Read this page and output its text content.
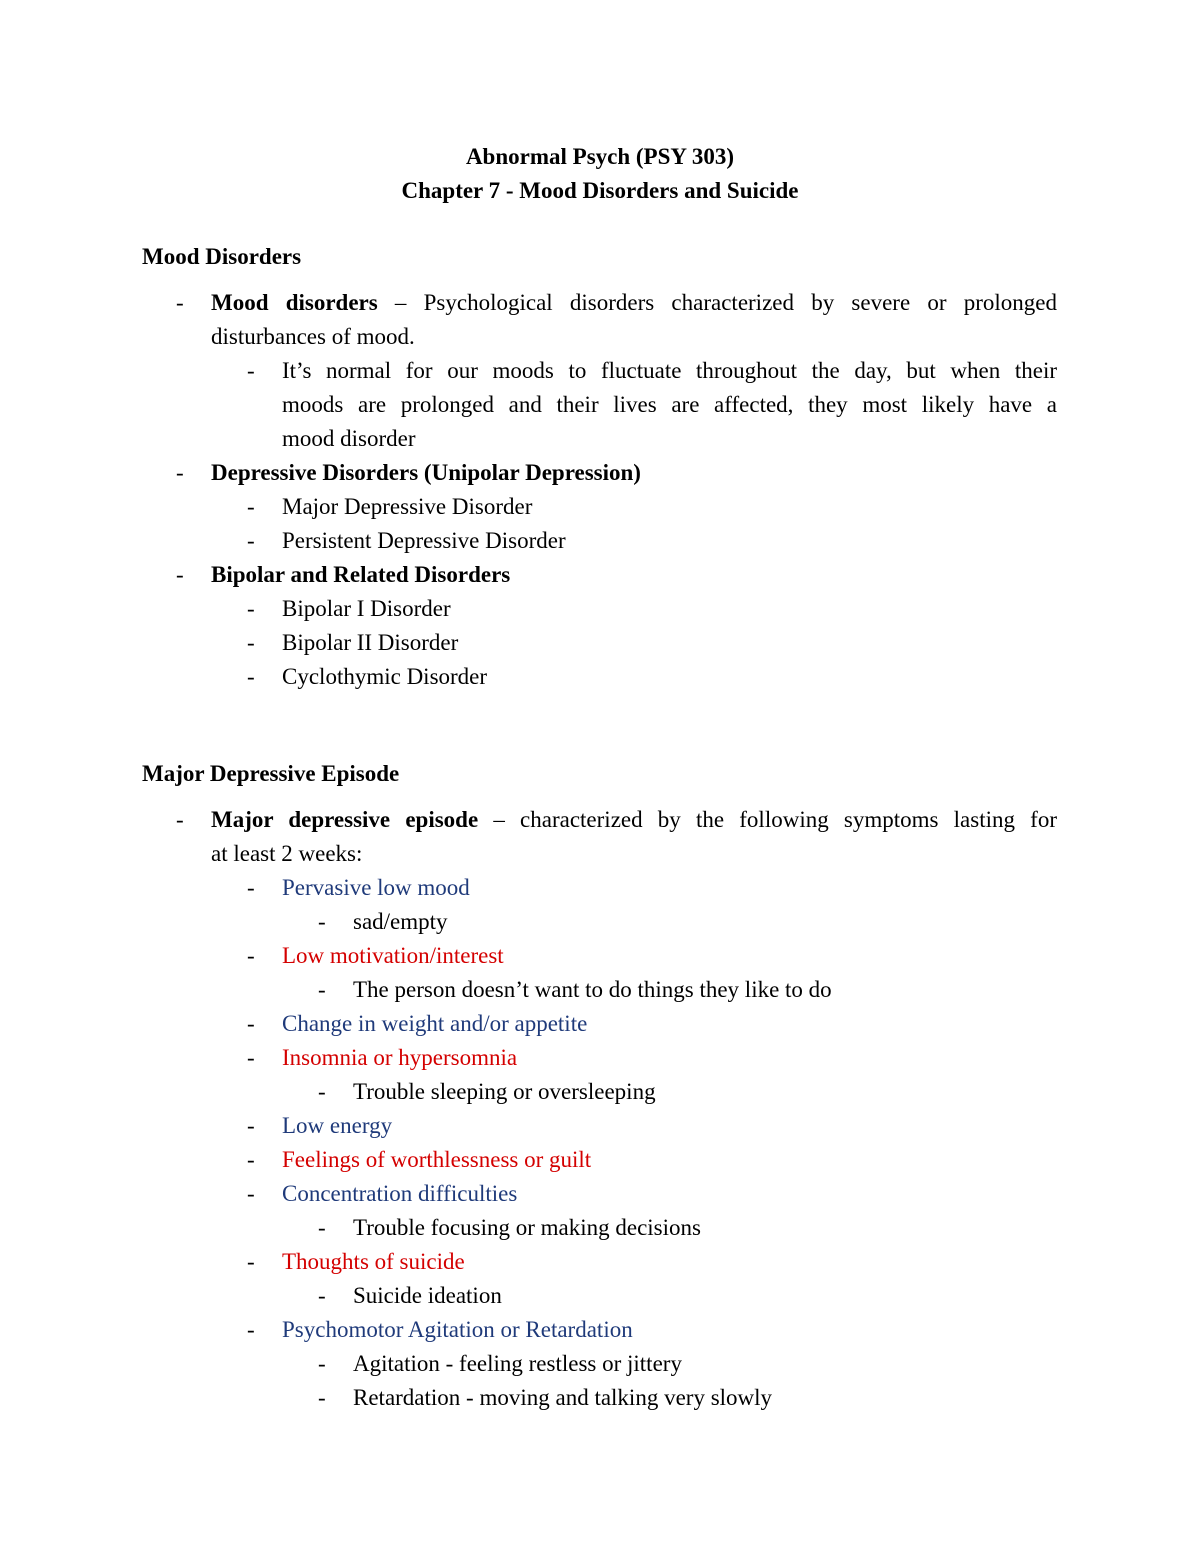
Abnormal Psych (PSY 303)
Chapter 7 - Mood Disorders and Suicide
Mood Disorders
- Mood disorders – Psychological disorders characterized by severe or prolonged
disturbances of mood.
- It’s normal for our moods to fluctuate throughout the day, but when their
moods are prolonged and their lives are affected, they most likely have a
mood disorder
- Depressive Disorders (Unipolar Depression)
- Major Depressive Disorder
- Persistent Depressive Disorder
- Bipolar and Related Disorders
- Bipolar I Disorder
- Bipolar II Disorder
- Cyclothymic Disorder
Major Depressive Episode
- Major depressive episode – characterized by the following symptoms lasting for
at least 2 weeks:
- Pervasive low mood
- sad/empty
- Low motivation/interest
- The person doesn’t want to do things they like to do
- Change in weight and/or appetite
- Insomnia or hypersomnia
- Trouble sleeping or oversleeping
- Low energy
- Feelings of worthlessness or guilt
- Concentration difficulties
- Trouble focusing or making decisions
- Thoughts of suicide
- Suicide ideation
- Psychomotor Agitation or Retardation
- Agitation - feeling restless or jittery
- Retardation - moving and talking very slowly
